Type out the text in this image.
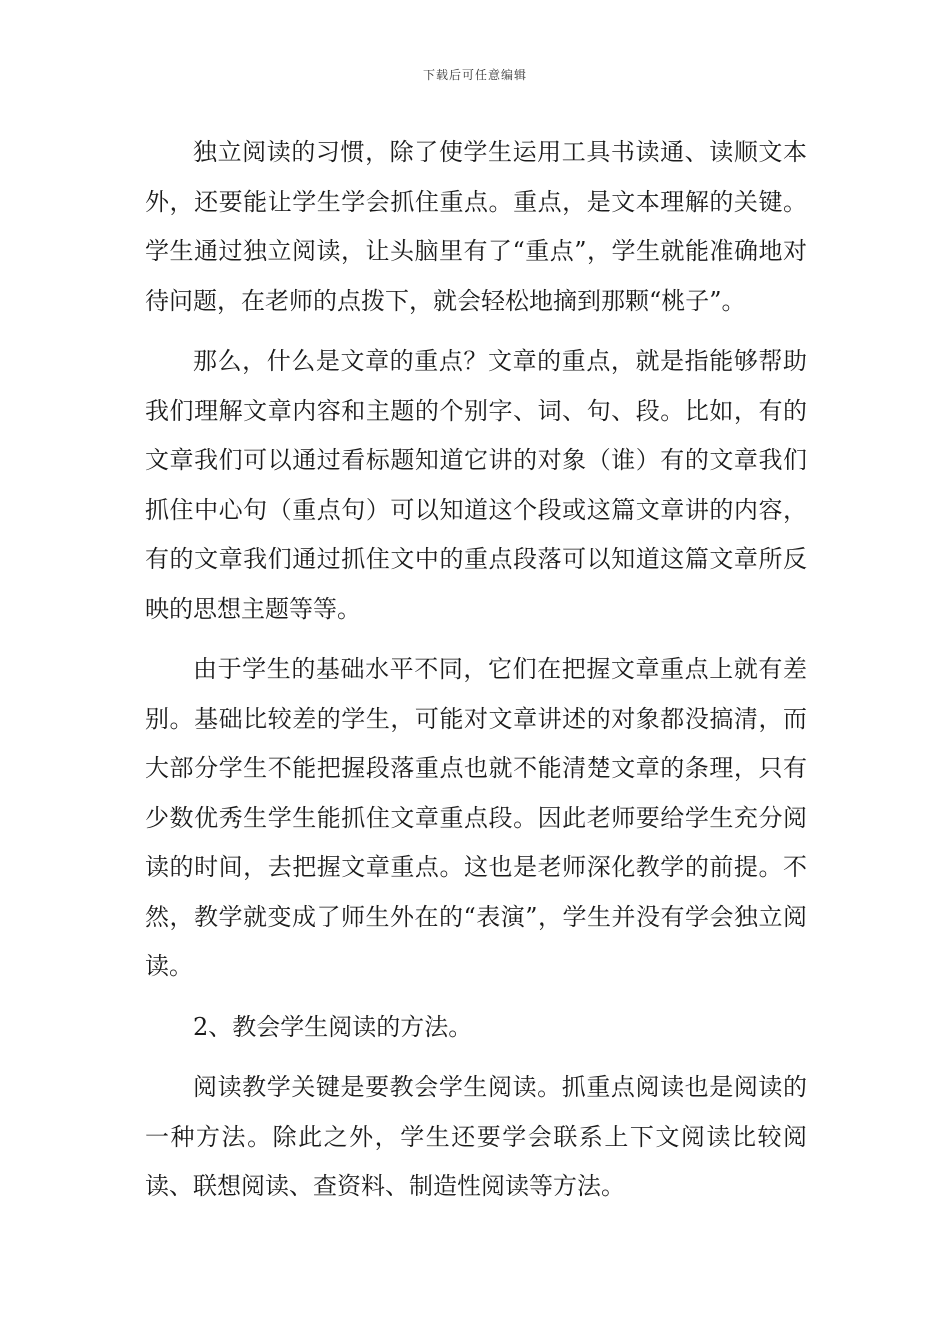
下载后可任意编辑

独立阅读的习惯，除了使学生运用工具书读通、读顺文本外，还要能让学生学会抓住重点。重点，是文本理解的关键。学生通过独立阅读，让头脑里有了“重点”，学生就能准确地对待问题，在老师的点拨下，就会轻松地摘到那颗“桃子”。

那么，什么是文章的重点？文章的重点，就是指能够帮助我们理解文章内容和主题的个别字、词、句、段。比如，有的文章我们可以通过看标题知道它讲的对象（谁）有的文章我们抓住中心句（重点句）可以知道这个段或这篇文章讲的内容，有的文章我们通过抓住文中的重点段落可以知道这篇文章所反映的思想主题等等。

由于学生的基础水平不同，它们在把握文章重点上就有差别。基础比较差的学生，可能对文章讲述的对象都没搞清，而大部分学生不能把握段落重点也就不能清楚文章的条理，只有少数优秀生学生能抓住文章重点段。因此老师要给学生充分阅读的时间，去把握文章重点。这也是老师深化教学的前提。不然，教学就变成了师生外在的“表演”，学生并没有学会独立阅读。

2、教会学生阅读的方法。

阅读教学关键是要教会学生阅读。抓重点阅读也是阅读的一种方法。除此之外，学生还要学会联系上下文阅读比较阅读、联想阅读、查资料、制造性阅读等方法。
